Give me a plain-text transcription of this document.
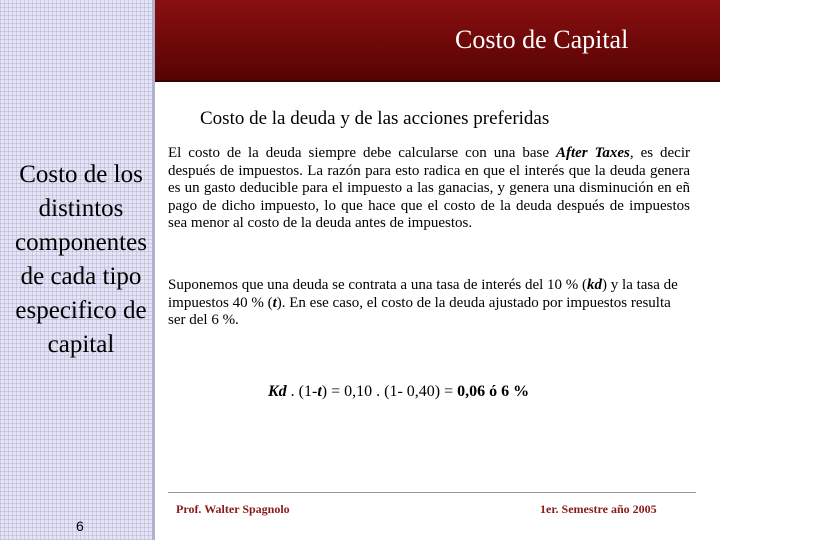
Costo de Capital	UM
Costo de la deuda y de las acciones preferidas
Costo de los
distintos
componentes
de cada tipo
especifico de
capital
El costo de la deuda siempre debe calcularse con una base After Taxes, es decir después de impuestos. La razón para esto radica en que el interés que la deuda genera es un gasto deducible para el impuesto a las ganacias, y genera una disminución en eñ pago de dicho impuesto, lo que hace que el costo de la deuda después de impuestos sea menor al costo de la deuda antes de impuestos.
Suponemos que una deuda se contrata a una tasa de interés del 10 % (kd) y la tasa de impuestos 40 % (t). En ese caso, el costo de la deuda ajustado por impuestos resulta ser del 6 %.
Kd . (1-t) = 0,10 . (1- 0,40) = 0,06 ó 6 %
Prof. Walter Spagnolo	1er. Semestre año 2005
6
